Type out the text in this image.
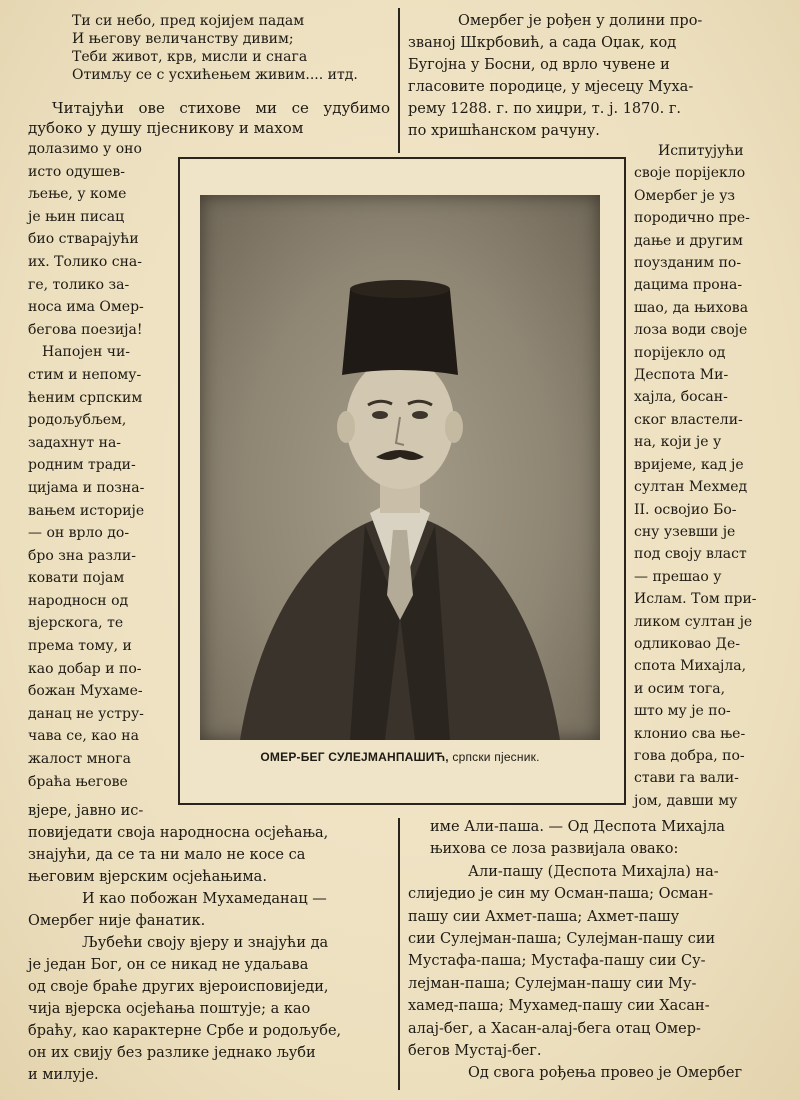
Ти си небо, пред којијем падам
И његову величанству дивим;
Теби живот, крв, мисли и снага
Отимљу се с усхићењем живим.... итд.

Читајући ове стихове ми се удубимо дубоко у душу пјесникову и махом

долазимо у оно
исто одушев-
љење, у коме
је њин писац
био стварајући
их. Толико сна-
ге, толико за-
носа има Омер-
бегова поезија!
Напојен чи-
стим и непому-
ћеним српским
родољубљем,
задахнут на-
родним тради-
цијама и позна-
вањем историје
— он врло до-
бро зна разли-
ковати појам
народносн од
вјерскога, те
према тому, и
као добар и по-
божан Мухаме-
данац не устру-
чава се, као на
жалост многа
браћа његове
вјере, јавно ис-
повиједати своја народносна осјећања,
знајући, да се та ни мало не косе са
његовим вјерским осјећањима.
И као побожан Мухамеданац —
Омербег није фанатик.
Љубећи своју вјеру и знајући да
је један Бог, он се никад не удаљава
од своје браће других вјероисповиједи,
чија вјерска осјећања поштује; а као
браћу, као карактерне Србе и родољубе,
он их свију без разлике једнако љуби
и милује.
Омербег је рођен у долини про-
званој Шкрбовић, а сада Оџак, код
Бугојна у Босни, од врло чувене и
гласовите породице, у мјесецу Муха-
рему 1288. г. по хиџри, т. ј. 1870. г.
по хришћанском рачуну.
Испитујући
своје порijекло
Омербег је уз
породично пре-
дање и другим
поузданим по-
дацима прона-
шао, да њихова
лоза води своје
порijекло од
Деспота Ми-
хајла, босан-
ског властели-
на, који је у
вријеме, кад је
султан Мехмед
II. освојио Бо-
сну узевши је
под своју власт
— прешао у
Ислам. Том при-
ликом султан је
одликовао Де-
спота Михајла,
и осим тога,
што му је по-
клонио сва ње-
гова добра, по-
стави га вали-
јом, давши му
име Али-паша. — Од Деспота Михајла
њихова се лоза развијала овако:
Али-пашу (Деспота Михајла) на-
слиједио је син му Осман-паша; Осман-
пашу сии Ахмет-паша; Ахмет-пашу
сии Сулејман-паша; Сулејман-пашу сии
Мустафа-паша; Мустафа-пашу сии Су-
лејман-паша; Сулејман-пашу сии Му-
хамед-паша; Мухамед-пашу сии Хасан-
алај-бег, а Хасан-алај-бега отац Омер-
бегов Мустај-бег.
Од свога рођења провео је Омербег
ОМЕР-БЕГ СУЛЕЈМАНПАШИЋ, српски пјесник.
